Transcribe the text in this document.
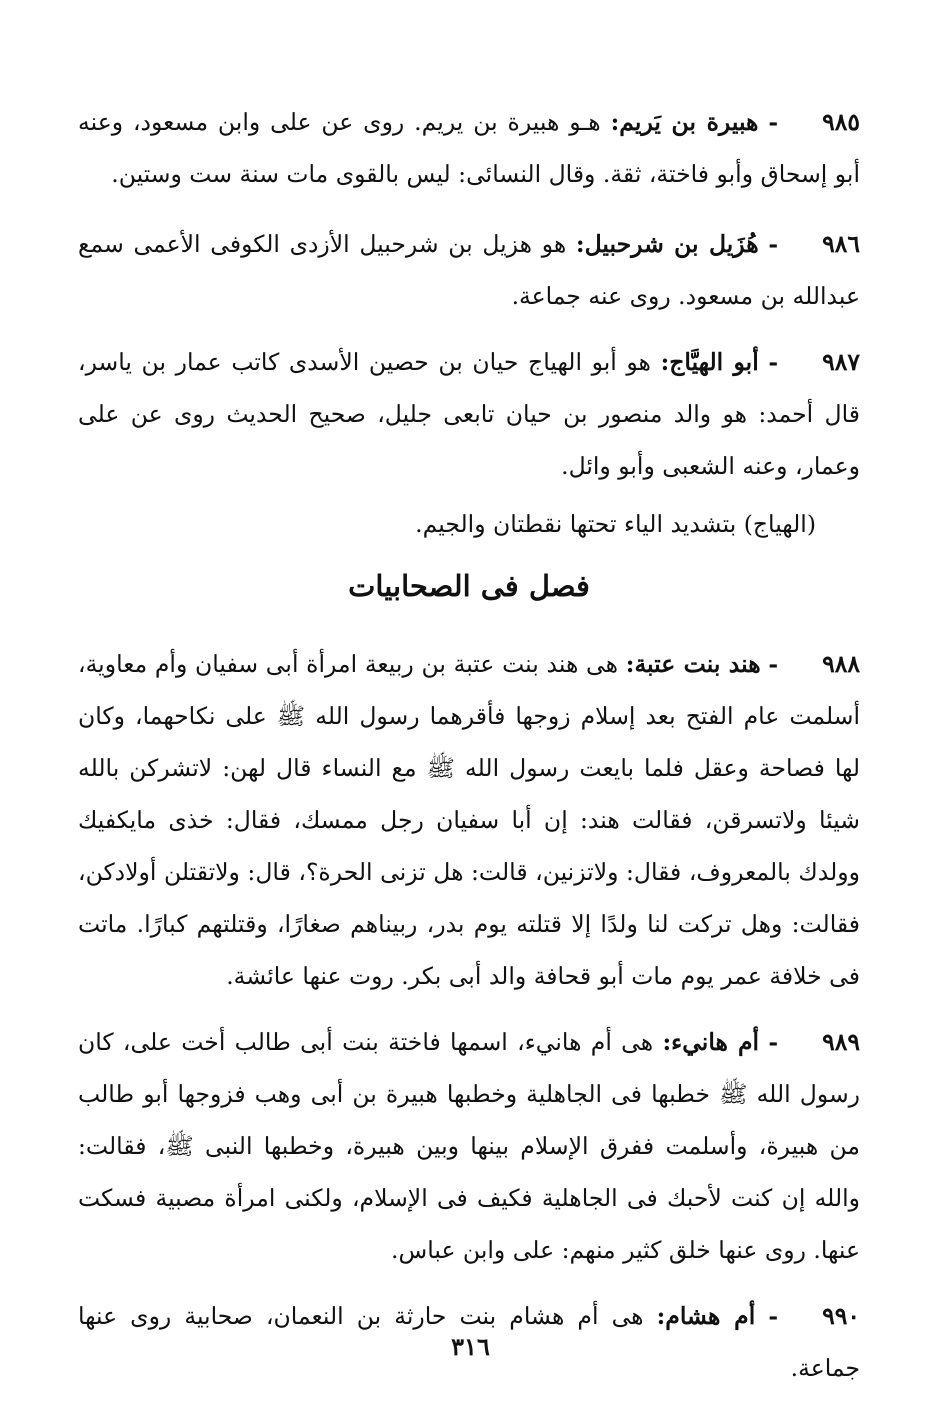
٩٨٥- هبيرة بن يَريم: هـو هبيرة بن يريم. روى عن على وابن مسعود، وعنه أبو إسحاق وأبو فاختة، ثقة. وقال النسائى: ليس بالقوى مات سنة ست وستين.

٩٨٦- هُزَيل بن شرحبيل: هو هزيل بن شرحبيل الأزدى الكوفى الأعمى سمع عبدالله بن مسعود. روى عنه جماعة.

٩٨٧- أبو الهيَّاج: هو أبو الهياج حيان بن حصين الأسدى كاتب عمار بن ياسر، قال أحمد: هو والد منصور بن حيان تابعى جليل، صحيح الحديث روى عن على وعمار، وعنه الشعبى وأبو وائل.

(الهياج) بتشديد الياء تحتها نقطتان والجيم.

فصل فى الصحابيات

٩٨٨- هند بنت عتبة: هى هند بنت عتبة بن ربيعة امرأة أبى سفيان وأم معاوية، أسلمت عام الفتح بعد إسلام زوجها فأقرهما رسول الله ﷺ على نكاحهما، وكان لها فصاحة وعقل فلما بايعت رسول الله ﷺ مع النساء قال لهن: لاتشركن بالله شيئا ولاتسرقن، فقالت هند: إن أبا سفيان رجل ممسك، فقال: خذى مايكفيك وولدك بالمعروف، فقال: ولاتزنين، قالت: هل تزنى الحرة؟، قال: ولاتقتلن أولادكن، فقالت: وهل تركت لنا ولدًا إلا قتلته يوم بدر، ربيناهم صغارًا، وقتلتهم كبارًا. ماتت فى خلافة عمر يوم مات أبو قحافة والد أبى بكر. روت عنها عائشة.

٩٨٩- أم هانيء: هى أم هانيء، اسمها فاختة بنت أبى طالب أخت على، كان رسول الله ﷺ خطبها فى الجاهلية وخطبها هبيرة بن أبى وهب فزوجها أبو طالب من هبيرة، وأسلمت ففرق الإسلام بينها وبين هبيرة، وخطبها النبى ﷺ، فقالت: والله إن كنت لأحبك فى الجاهلية فكيف فى الإسلام، ولكنى امرأة مصبية فسكت عنها. روى عنها خلق كثير منهم: على وابن عباس.

٩٩٠- أم هشام: هى أم هشام بنت حارثة بن النعمان، صحابية روى عنها جماعة.

٣١٦
